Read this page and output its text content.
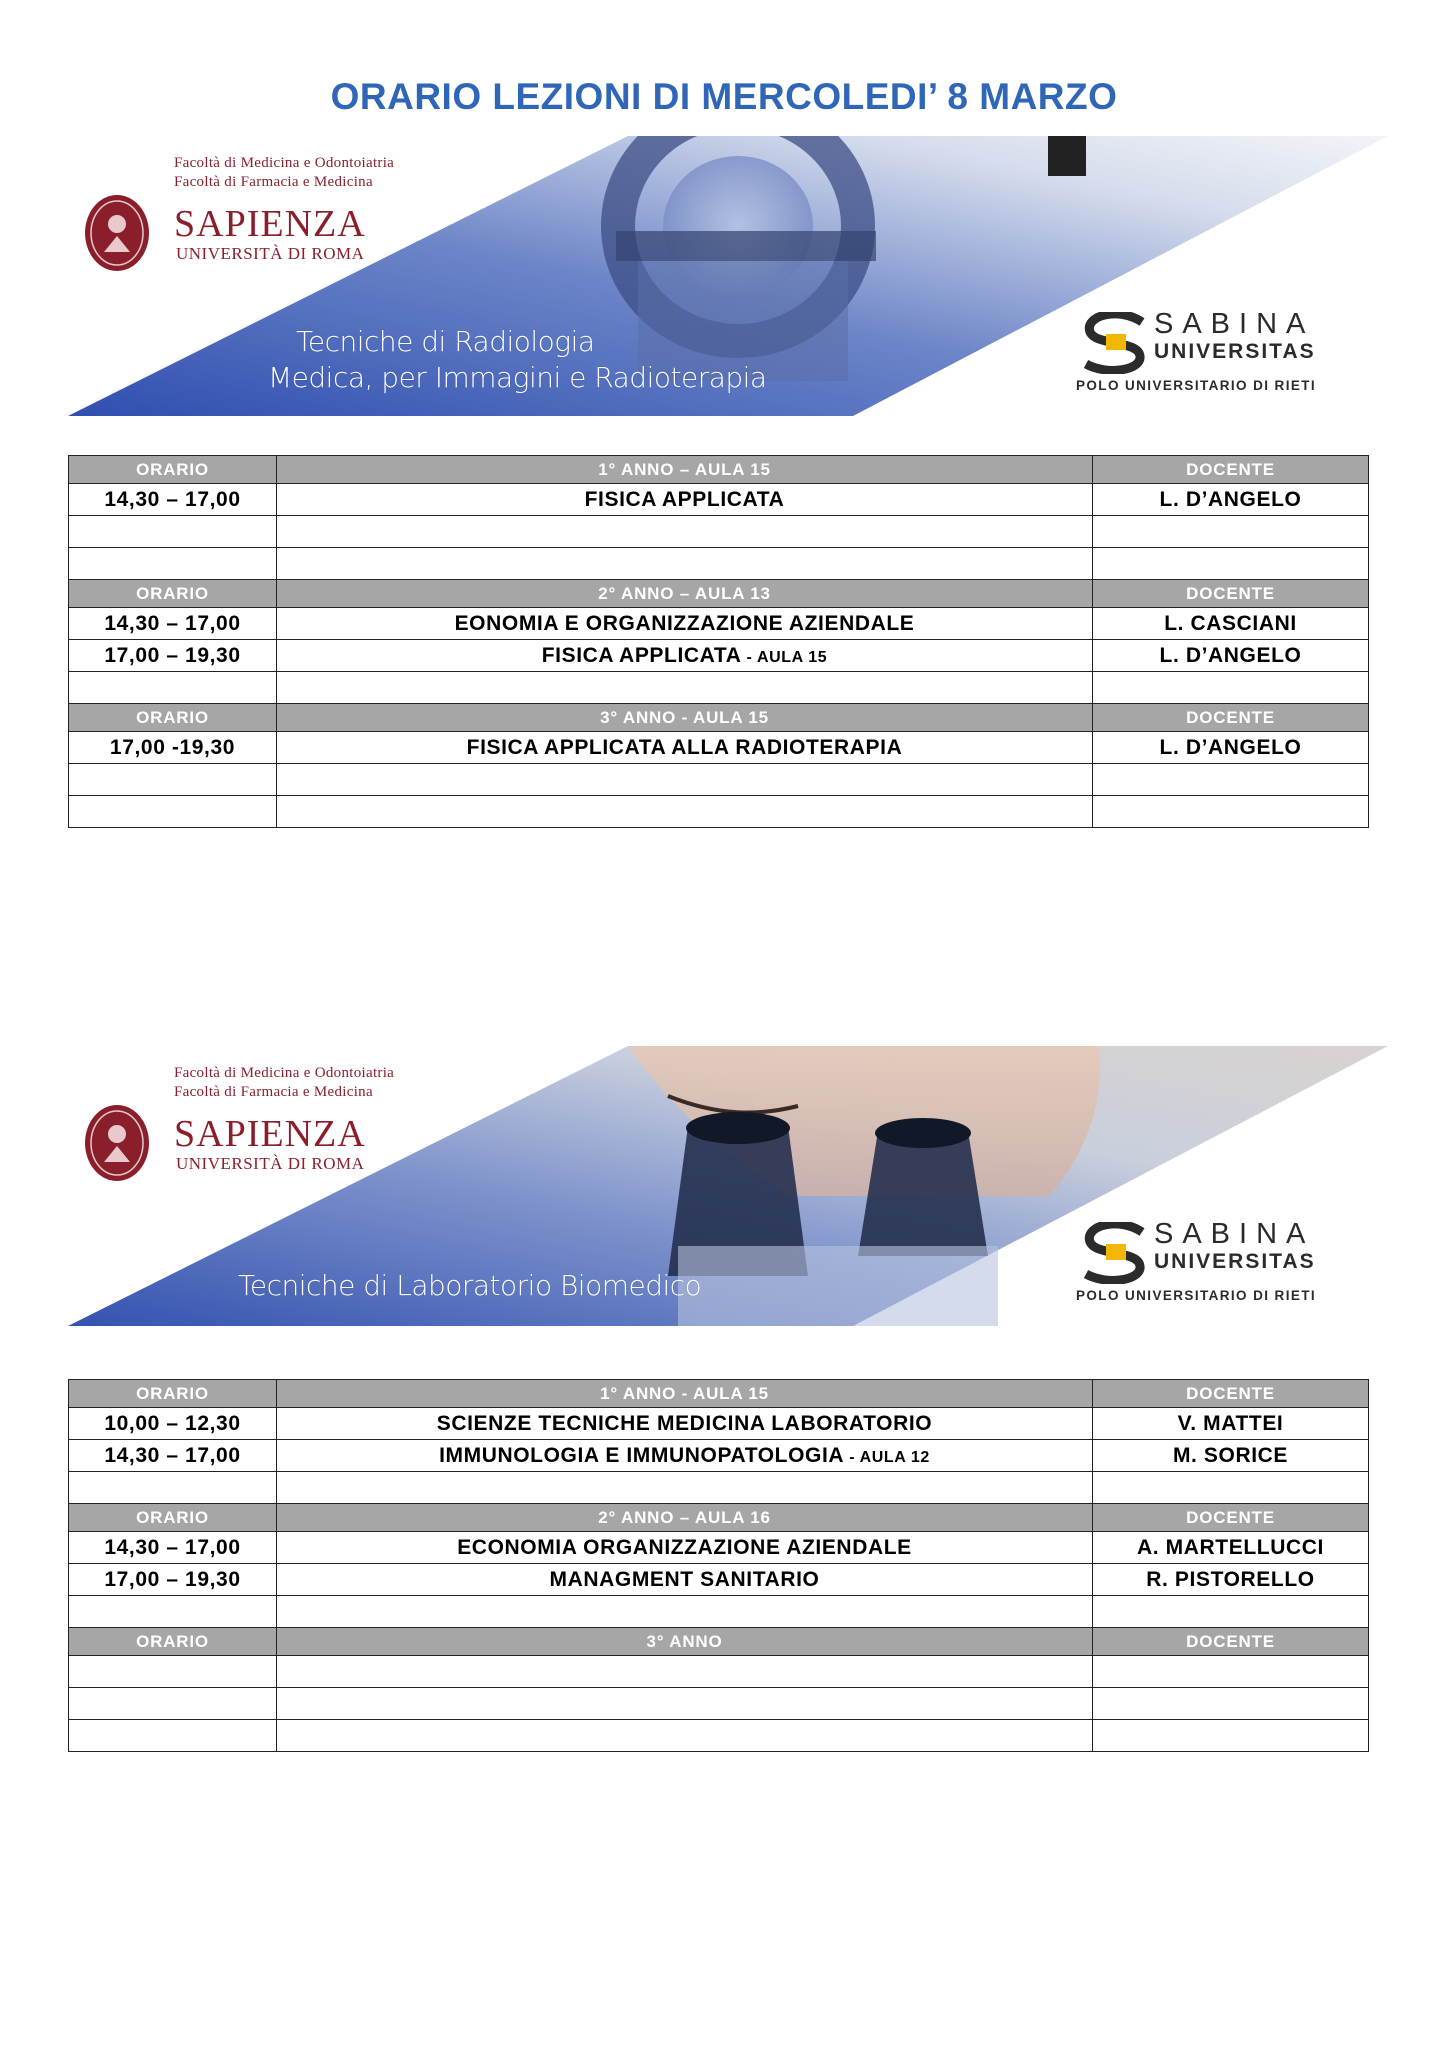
ORARIO LEZIONI DI MERCOLEDI’ 8 MARZO
Facoltà di Medicina e Odontoiatria
Facoltà di Farmacia e Medicina
SAPIENZA
UNIVERSITÀ DI ROMA
Tecniche di Radiologia
Medica, per Immagini e Radioterapia
SABINA
UNIVERSITAS
POLO UNIVERSITARIO DI RIETI
ORARIO	1° ANNO – AULA 15	DOCENTE
14,30 – 17,00	FISICA APPLICATA	L. D’ANGELO

ORARIO	2° ANNO – AULA 13	DOCENTE
14,30 – 17,00	EONOMIA E ORGANIZZAZIONE AZIENDALE	L. CASCIANI
17,00 – 19,30	FISICA APPLICATA - AULA 15	L. D’ANGELO

ORARIO	3° ANNO - AULA 15	DOCENTE
17,00 -19,30	FISICA APPLICATA ALLA RADIOTERAPIA	L. D’ANGELO

Facoltà di Medicina e Odontoiatria
Facoltà di Farmacia e Medicina
SAPIENZA
UNIVERSITÀ DI ROMA
Tecniche di Laboratorio Biomedico
SABINA
UNIVERSITAS
POLO UNIVERSITARIO DI RIETI
ORARIO	1° ANNO - AULA 15	DOCENTE
10,00 – 12,30	SCIENZE TECNICHE MEDICINA LABORATORIO	V. MATTEI
14,30 – 17,00	IMMUNOLOGIA E IMMUNOPATOLOGIA - AULA 12	M. SORICE

ORARIO	2° ANNO – AULA 16	DOCENTE
14,30 – 17,00	ECONOMIA ORGANIZZAZIONE AZIENDALE	A. MARTELLUCCI
17,00 – 19,30	MANAGMENT SANITARIO	R. PISTORELLO

ORARIO	3° ANNO	DOCENTE
